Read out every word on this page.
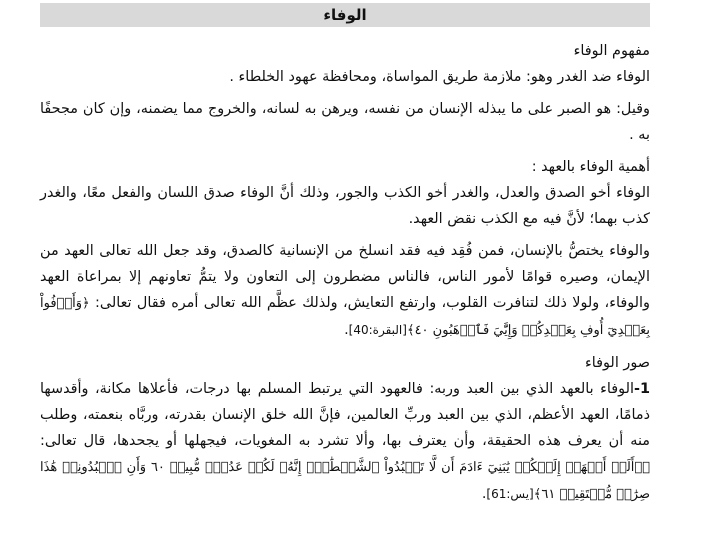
الوفاء

مفهوم الوفاء

الوفاء ضد الغدر وهو: ملازمة طريق المواساة، ومحافظة عهود الخلطاء .

وقيل: هو الصبر على ما يبذله الإنسان من نفسه، ويرهن به لسانه، والخروج مما يضمنه، وإن كان مجحفًا به .

أهمية الوفاء بالعهد :

الوفاء أخو الصدق والعدل، والغدر أخو الكذب والجور، وذلك أنَّ الوفاء صدق اللسان والفعل معًا، والغدر كذب بهما؛ لأنَّ فيه مع الكذب نقض العهد.

والوفاء يختصُّ بالإنسان، فمن فُقِد فيه فقد انسلخ من الإنسانية كالصدق، وقد جعل الله تعالى العهد من الإيمان، وصيره قوامًا لأمور الناس، فالناس مضطرون إلى التعاون ولا يتمُّ تعاونهم إلا بمراعاة العهد والوفاء، ولولا ذلك لتنافرت القلوب، وارتفع التعايش، ولذلك عظَّم الله تعالى أمره فقال تعالى: ﴿وَأَوۡفُواْ بِعَهۡدِيٓ أُوفِ بِعَهۡدِكُمۡ وَإِيَّٰيَ فَٱرۡهَبُونِ ٤٠﴾[البقرة:40].

صور الوفاء

1-الوفاء بالعهد الذي بين العبد وربه: فالعهود التي يرتبط المسلم بها درجات، فأعلاها مكانة، وأقدسها ذمامًا، العهد الأعظم، الذي بين العبد وربِّ العالمين، فإنَّ الله خلق الإنسان بقدرته، وربَّاه بنعمته، وطلب منه أن يعرف هذه الحقيقة، وأن يعترف بها، وألا تشرد به المغويات، فيجهلها أو يجحدها، قال تعالى: ﴿۞أَلَمۡ أَعۡهَدۡ إِلَيۡكُمۡ يَٰبَنِيٓ ءَادَمَ أَن لَّا تَعۡبُدُواْ ٱلشَّيۡطَٰنَۖ إِنَّهُۥ لَكُمۡ عَدُوّٞ مُّبِينٞ ٦٠ وَأَنِ ٱعۡبُدُونِيۚ هَٰذَا صِرَٰطٞ مُّسۡتَقِيمٞ ٦١﴾[يس:61].
